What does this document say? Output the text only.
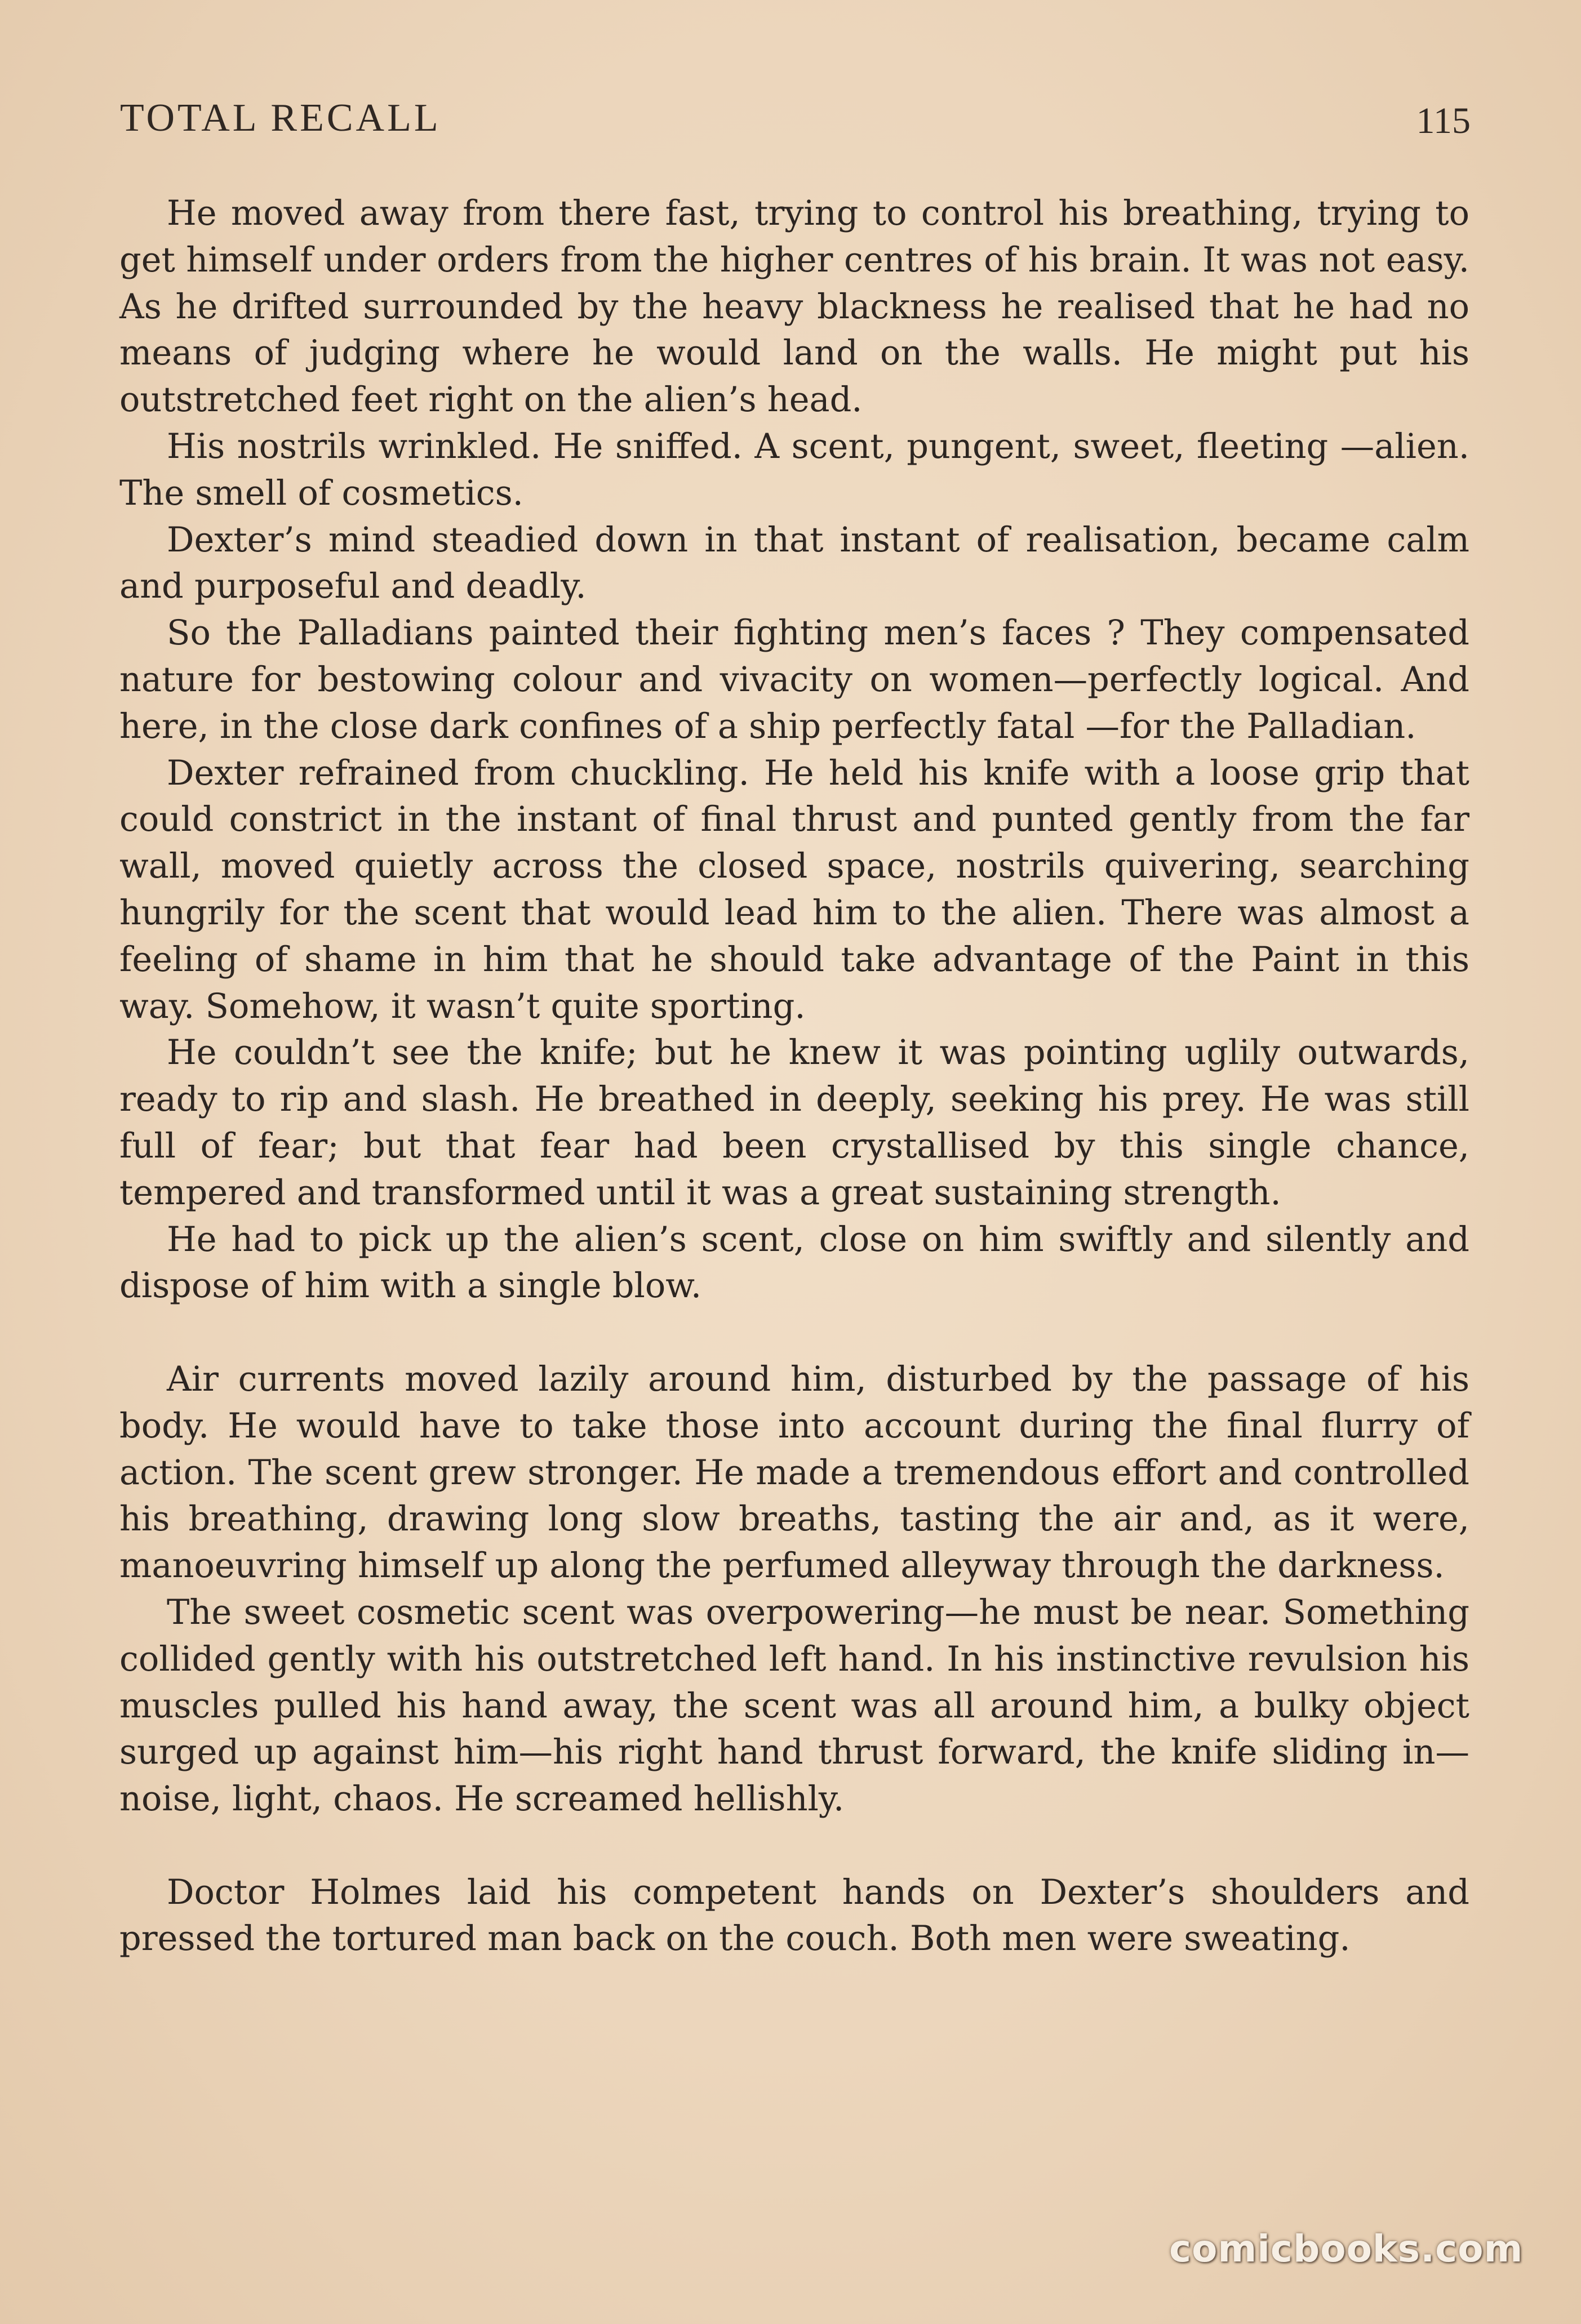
TOTAL RECALL	115

He moved away from there fast, trying to control his breathing, trying to get himself under orders from the higher centres of his brain. It was not easy. As he drifted surrounded by the heavy blackness he realised that he had no means of judging where he would land on the walls. He might put his outstretched feet right on the alien’s head.

His nostrils wrinkled. He sniffed. A scent, pungent, sweet, fleeting —alien. The smell of cosmetics.

Dexter’s mind steadied down in that instant of realisation, became calm and purposeful and deadly.

So the Palladians painted their fighting men’s faces ? They compensated nature for bestowing colour and vivacity on women—perfectly logical. And here, in the close dark confines of a ship perfectly fatal —for the Palladian.

Dexter refrained from chuckling. He held his knife with a loose grip that could constrict in the instant of final thrust and punted gently from the far wall, moved quietly across the closed space, nostrils quivering, searching hungrily for the scent that would lead him to the alien. There was almost a feeling of shame in him that he should take advantage of the Paint in this way. Somehow, it wasn’t quite sporting.

He couldn’t see the knife; but he knew it was pointing uglily outwards, ready to rip and slash. He breathed in deeply, seeking his prey. He was still full of fear; but that fear had been crystallised by this single chance, tempered and transformed until it was a great sustaining strength.

He had to pick up the alien’s scent, close on him swiftly and silently and dispose of him with a single blow.

Air currents moved lazily around him, disturbed by the passage of his body. He would have to take those into account during the final flurry of action. The scent grew stronger. He made a tremendous effort and controlled his breathing, drawing long slow breaths, tasting the air and, as it were, manoeuvring himself up along the perfumed alleyway through the darkness.

The sweet cosmetic scent was overpowering—he must be near. Something collided gently with his outstretched left hand. In his instinctive revulsion his muscles pulled his hand away, the scent was all around him, a bulky object surged up against him—his right hand thrust forward, the knife sliding in—noise, light, chaos. He screamed hellishly.

Doctor Holmes laid his competent hands on Dexter’s shoulders and pressed the tortured man back on the couch. Both men were sweating.

comicbooks.com
